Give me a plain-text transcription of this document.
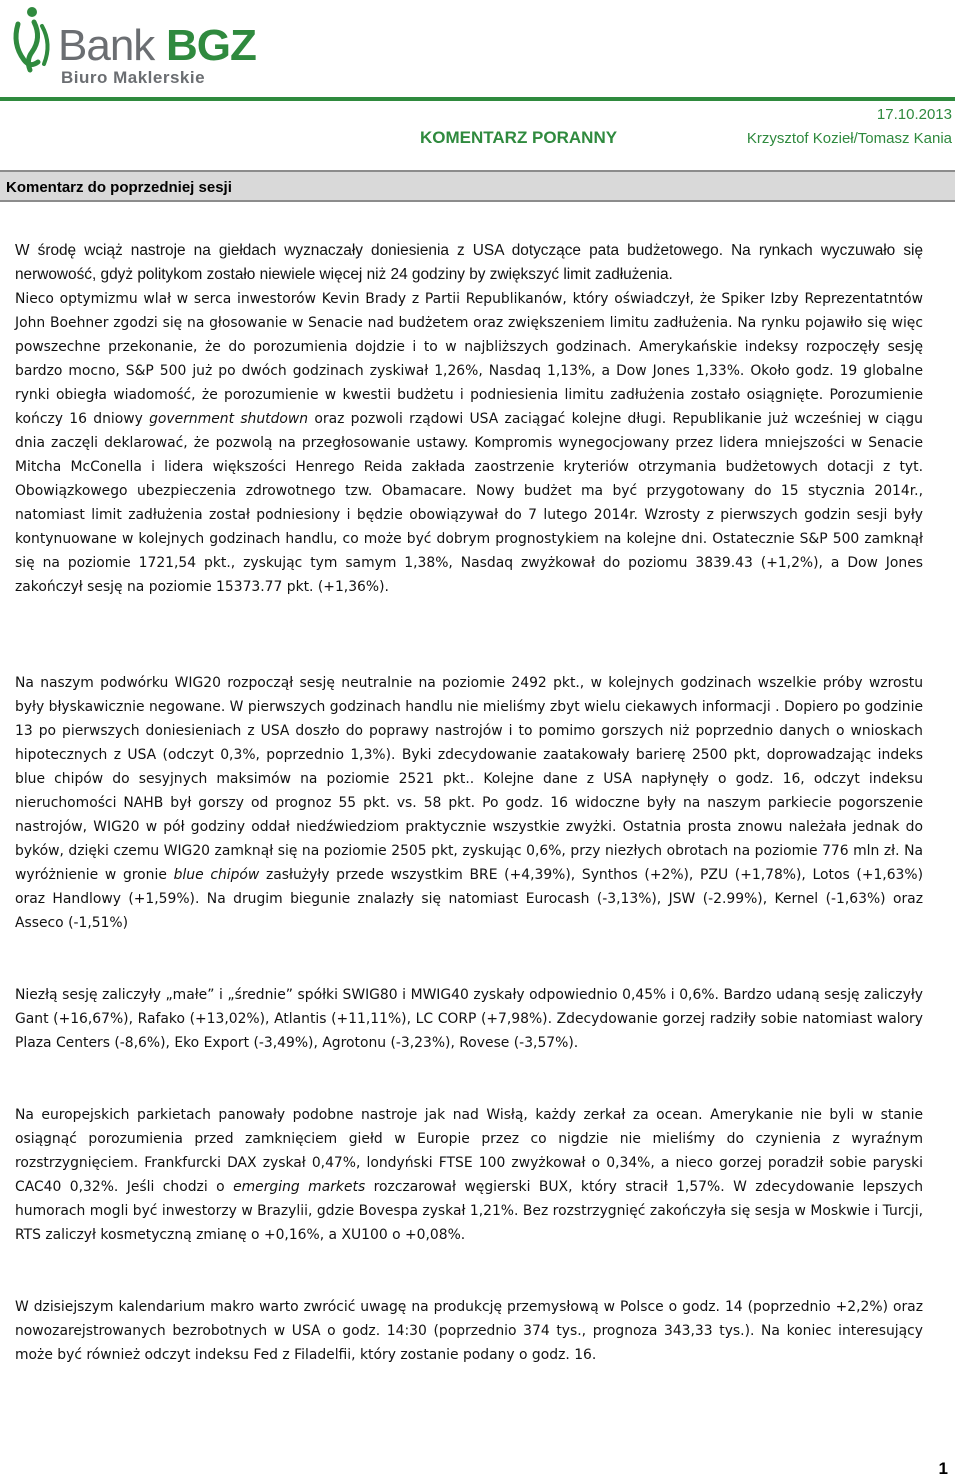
Bank BGZ
Biuro Maklerskie
17.10.2013
KOMENTARZ PORANNY	Krzysztof Kozieł/Tomasz Kania
Komentarz do poprzedniej sesji
W środę wciąż nastroje na giełdach wyznaczały doniesienia z USA dotyczące pata budżetowego. Na rynkach wyczuwało się nerwowość, gdyż politykom zostało niewiele więcej niż 24 godziny by zwiększyć limit zadłużenia.
Nieco optymizmu wlał w serca inwestorów Kevin Brady z Partii Republikanów, który oświadczył, że Spiker Izby Reprezentatntów John Boehner zgodzi się na głosowanie w Senacie nad budżetem oraz zwiększeniem limitu zadłużenia. Na rynku pojawiło się więc powszechne przekonanie, że do porozumienia dojdzie i to w najbliższych godzinach. Amerykańskie indeksy rozpoczęły sesję bardzo mocno, S&P 500 już po dwóch godzinach zyskiwał 1,26%, Nasdaq 1,13%, a Dow Jones 1,33%. Około godz. 19 globalne rynki obiegła wiadomość, że porozumienie w kwestii budżetu i podniesienia limitu zadłużenia zostało osiągnięte. Porozumienie kończy 16 dniowy government shutdown oraz pozwoli rządowi USA zaciągać kolejne długi. Republikanie już wcześniej w ciągu dnia zaczęli deklarować, że pozwolą na przegłosowanie ustawy. Kompromis wynegocjowany przez lidera mniejszości w Senacie Mitcha McConella i lidera większości Henrego Reida zakłada zaostrzenie kryteriów otrzymania budżetowych dotacji z tyt. Obowiązkowego ubezpieczenia zdrowotnego tzw. Obamacare. Nowy budżet ma być przygotowany do 15 stycznia 2014r., natomiast limit zadłużenia został podniesiony i będzie obowiązywał do 7 lutego 2014r. Wzrosty z pierwszych godzin sesji były kontynuowane w kolejnych godzinach handlu, co może być dobrym prognostykiem na kolejne dni. Ostatecznie S&P 500 zamknął się na poziomie 1721,54 pkt., zyskując tym samym 1,38%, Nasdaq zwyżkował do poziomu 3839.43 (+1,2%), a Dow Jones zakończył sesję na poziomie 15373.77 pkt. (+1,36%).
Na naszym podwórku WIG20 rozpoczął sesję neutralnie na poziomie 2492 pkt., w kolejnych godzinach wszelkie próby wzrostu były błyskawicznie negowane. W pierwszych godzinach handlu nie mieliśmy zbyt wielu ciekawych informacji . Dopiero po godzinie 13 po pierwszych doniesieniach z USA doszło do poprawy nastrojów i to pomimo gorszych niż poprzednio danych o wnioskach hipotecznych z USA (odczyt 0,3%, poprzednio 1,3%). Byki zdecydowanie zaatakowały barierę 2500 pkt, doprowadzając indeks blue chipów do sesyjnych maksimów na poziomie 2521 pkt.. Kolejne dane z USA napłynęły o godz. 16, odczyt indeksu nieruchomości NAHB był gorszy od prognoz 55 pkt. vs. 58 pkt. Po godz. 16 widoczne były na naszym parkiecie pogorszenie nastrojów, WIG20 w pół godziny oddał niedźwiedziom praktycznie wszystkie zwyżki. Ostatnia prosta znowu należała jednak do byków, dzięki czemu WIG20 zamknął się na poziomie 2505 pkt, zyskując 0,6%, przy niezłych obrotach na poziomie 776 mln zł. Na wyróżnienie w gronie blue chipów zasłużyły przede wszystkim BRE (+4,39%), Synthos (+2%), PZU (+1,78%), Lotos (+1,63%) oraz Handlowy (+1,59%). Na drugim biegunie znalazły się natomiast Eurocash (-3,13%), JSW (-2.99%), Kernel (-1,63%) oraz Asseco (-1,51%)
Niezłą sesję zaliczyły „małe” i „średnie” spółki SWIG80 i MWIG40 zyskały odpowiednio 0,45% i 0,6%. Bardzo udaną sesję zaliczyły Gant (+16,67%), Rafako (+13,02%), Atlantis (+11,11%), LC CORP (+7,98%). Zdecydowanie gorzej radziły sobie natomiast walory Plaza Centers (-8,6%), Eko Export (-3,49%), Agrotonu (-3,23%), Rovese (-3,57%).
Na europejskich parkietach panowały podobne nastroje jak nad Wisłą, każdy zerkał za ocean. Amerykanie nie byli w stanie osiągnąć porozumienia przed zamknięciem giełd w Europie przez co nigdzie nie mieliśmy do czynienia z wyraźnym rozstrzygnięciem. Frankfurcki DAX zyskał 0,47%, londyński FTSE 100 zwyżkował o 0,34%, a nieco gorzej poradził sobie paryski CAC40 0,32%. Jeśli chodzi o emerging markets rozczarował węgierski BUX, który stracił 1,57%. W zdecydowanie lepszych humorach mogli być inwestorzy w Brazylii, gdzie Bovespa zyskał 1,21%. Bez rozstrzygnięć zakończyła się sesja w Moskwie i Turcji, RTS zaliczył kosmetyczną zmianę o +0,16%, a XU100 o +0,08%.
W dzisiejszym kalendarium makro warto zwrócić uwagę na produkcję przemysłową w Polsce o godz. 14 (poprzednio +2,2%) oraz nowozarejstrowanych bezrobotnych w USA o godz. 14:30 (poprzednio 374 tys., prognoza 343,33 tys.). Na koniec interesujący może być również odczyt indeksu Fed z Filadelfii, który zostanie podany o godz. 16.
1
